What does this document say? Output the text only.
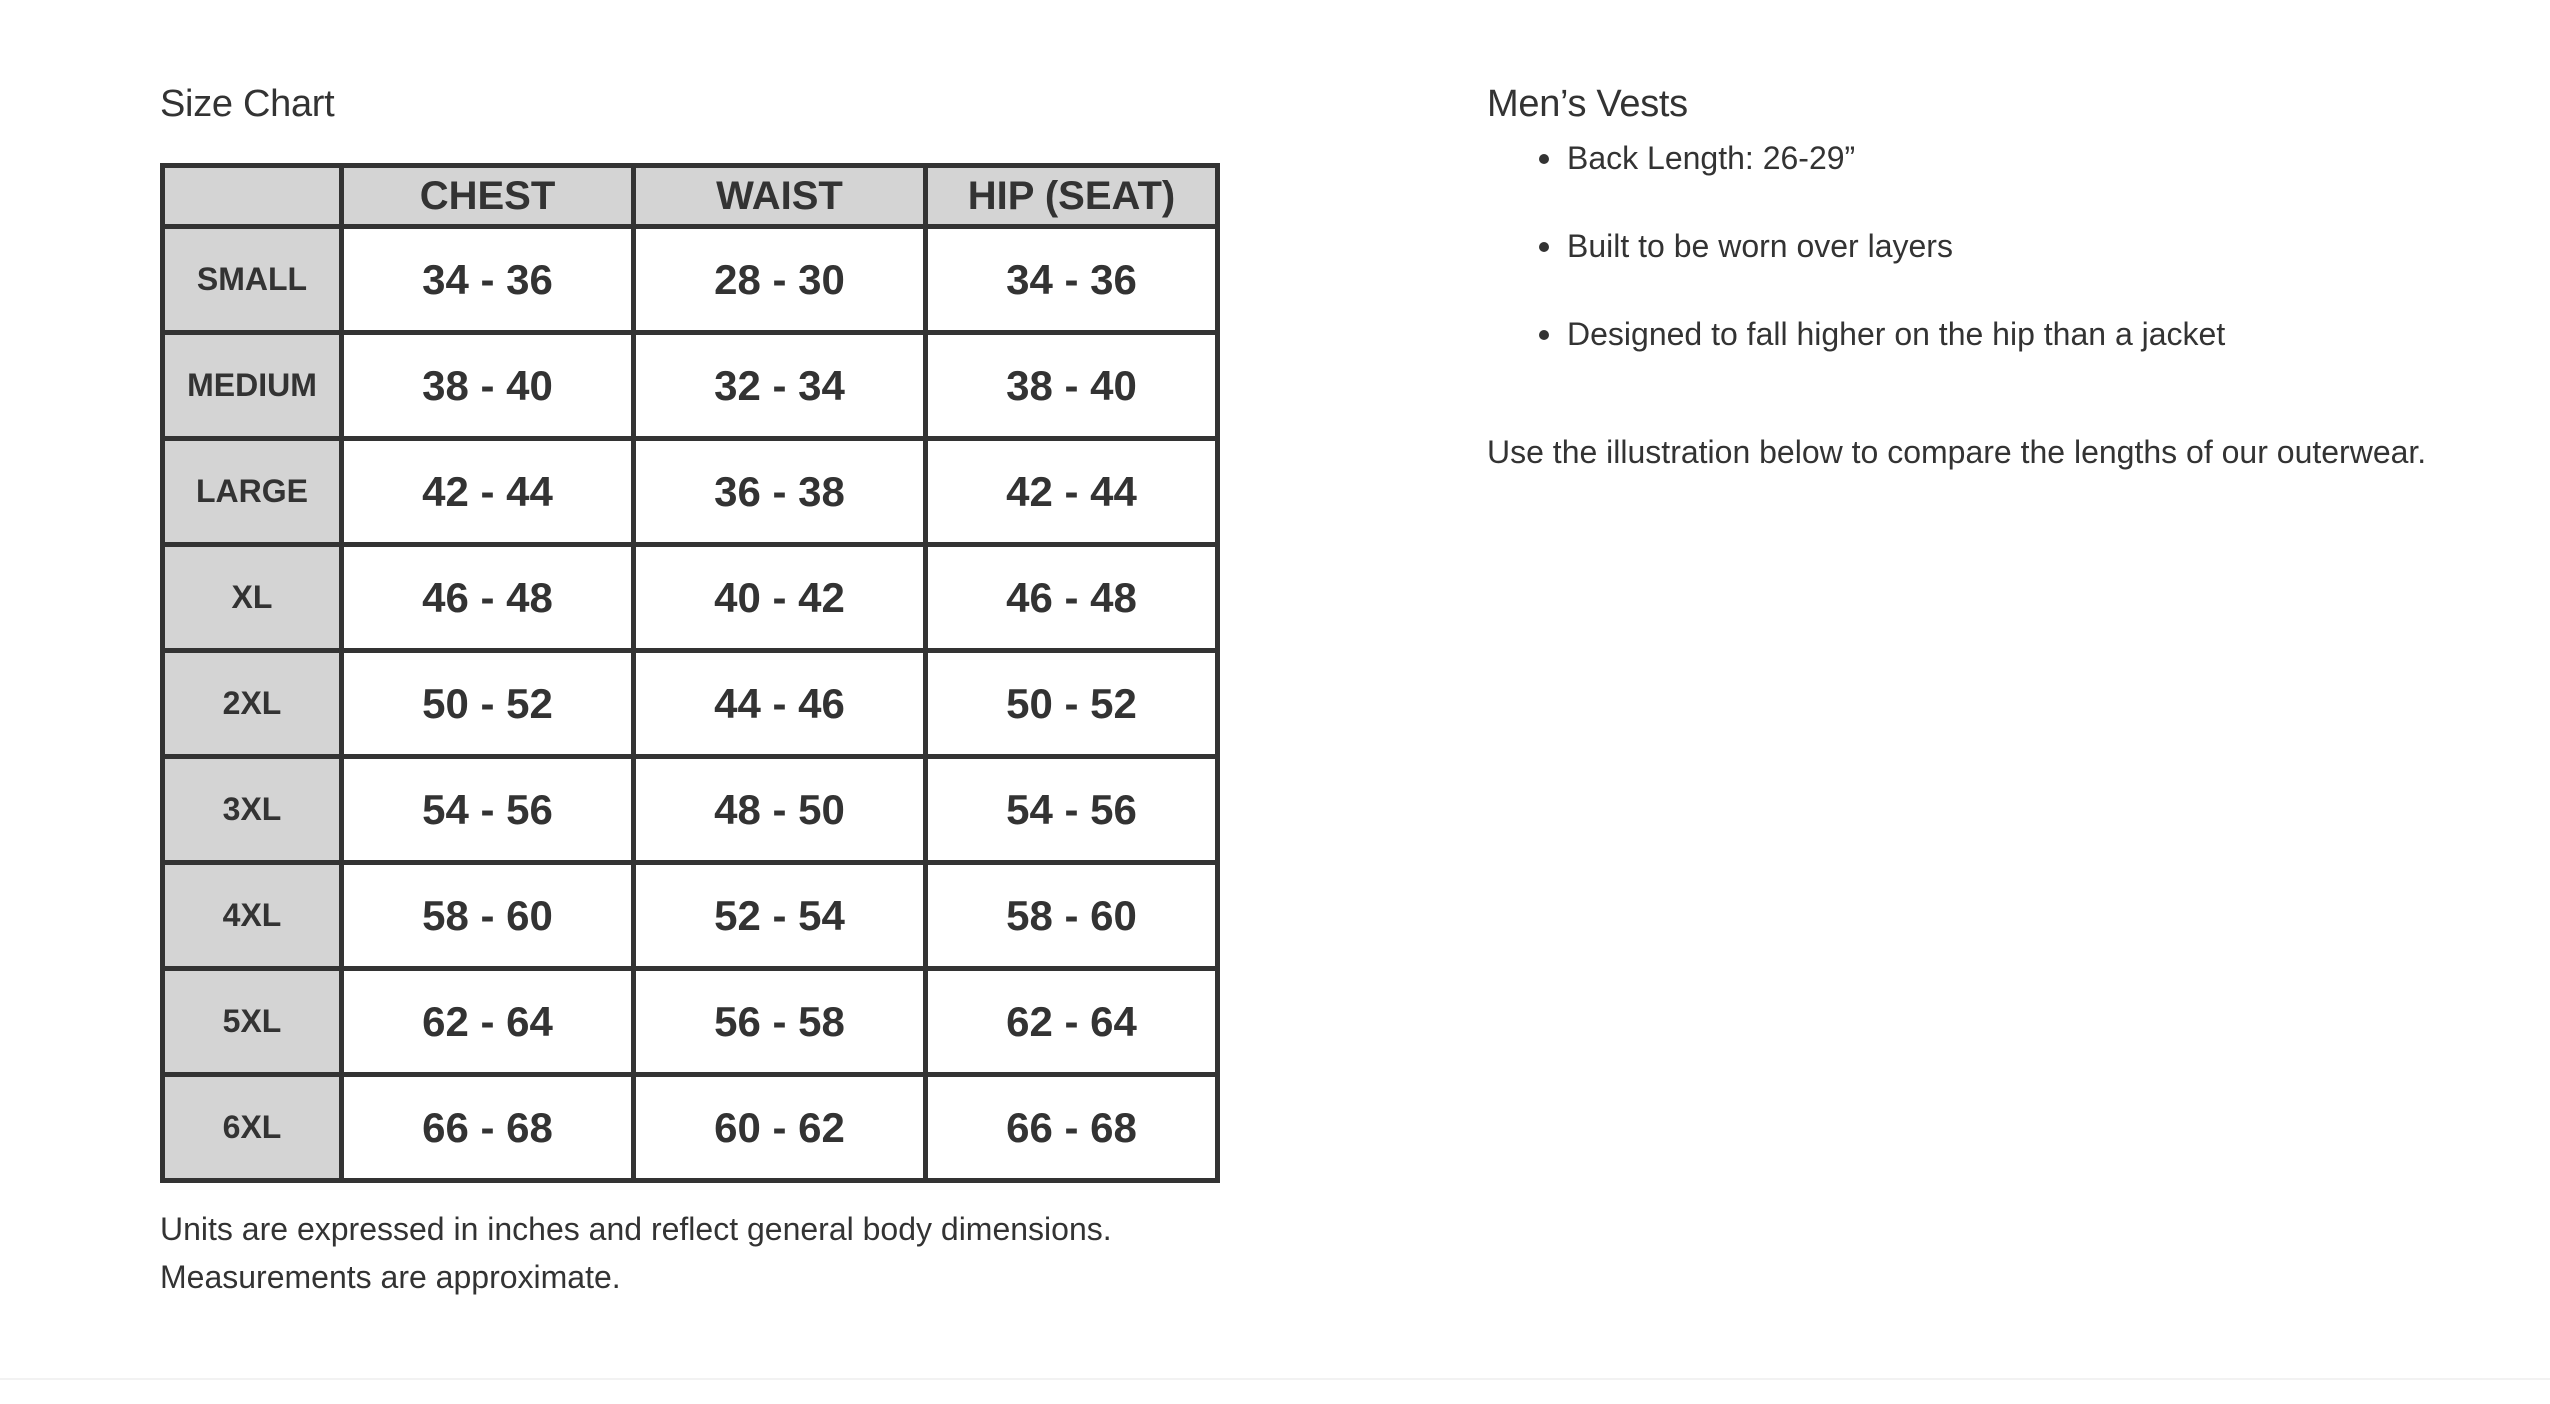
Size Chart
	CHEST	WAIST	HIP (SEAT)
SMALL	34 - 36	28 - 30	34 - 36
MEDIUM	38 - 40	32 - 34	38 - 40
LARGE	42 - 44	36 - 38	42 - 44
XL	46 - 48	40 - 42	46 - 48
2XL	50 - 52	44 - 46	50 - 52
3XL	54 - 56	48 - 50	54 - 56
4XL	58 - 60	52 - 54	58 - 60
5XL	62 - 64	56 - 58	62 - 64
6XL	66 - 68	60 - 62	66 - 68

Units are expressed in inches and reflect general body dimensions.
Measurements are approximate.

Men’s Vests
Back Length: 26-29”
Built to be worn over layers
Designed to fall higher on the hip than a jacket

Use the illustration below to compare the lengths of our outerwear.
